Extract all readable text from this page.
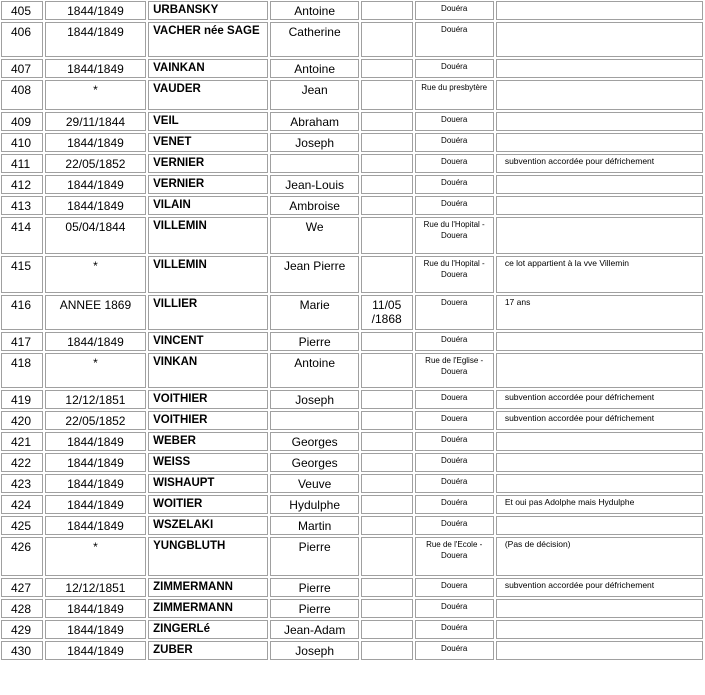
405	1844/1849	URBANSKY	Antoine		Douéra	
406	1844/1849	VACHER née SAGE	Catherine		Douéra	
407	1844/1849	VAINKAN	Antoine		Douéra	
408	*	VAUDER	Jean		Rue du presbytère	
409	29/11/1844	VEIL	Abraham		Douera	
410	1844/1849	VENET	Joseph		Douéra	
411	22/05/1852	VERNIER			Douera	subvention accordée pour défrichement
412	1844/1849	VERNIER	Jean-Louis		Douéra	
413	1844/1849	VILAIN	Ambroise		Douéra	
414	05/04/1844	VILLEMIN	We		Rue du l'Hopital - Douera	
415	*	VILLEMIN	Jean Pierre		Rue du l'Hopital - Douera	ce lot appartient à la vve Villemin
416	ANNEE 1869	VILLIER	Marie	11/05 /1868	Douera	17 ans
417	1844/1849	VINCENT	Pierre		Douéra	
418	*	VINKAN	Antoine		Rue de l'Eglise - Douera	
419	12/12/1851	VOITHIER	Joseph		Douera	subvention accordée pour défrichement
420	22/05/1852	VOITHIER			Douera	subvention accordée pour défrichement
421	1844/1849	WEBER	Georges		Douéra	
422	1844/1849	WEISS	Georges		Douéra	
423	1844/1849	WISHAUPT	Veuve		Douéra	
424	1844/1849	WOITIER	Hydulphe		Douéra	Et oui pas Adolphe mais Hydulphe
425	1844/1849	WSZELAKI	Martin		Douéra	
426	*	YUNGBLUTH	Pierre		Rue de l'Ecole - Douera	(Pas de décision)
427	12/12/1851	ZIMMERMANN	Pierre		Douera	subvention accordée pour défrichement
428	1844/1849	ZIMMERMANN	Pierre		Douéra	
429	1844/1849	ZINGERLé	Jean-Adam		Douéra	
430	1844/1849	ZUBER	Joseph		Douéra	
